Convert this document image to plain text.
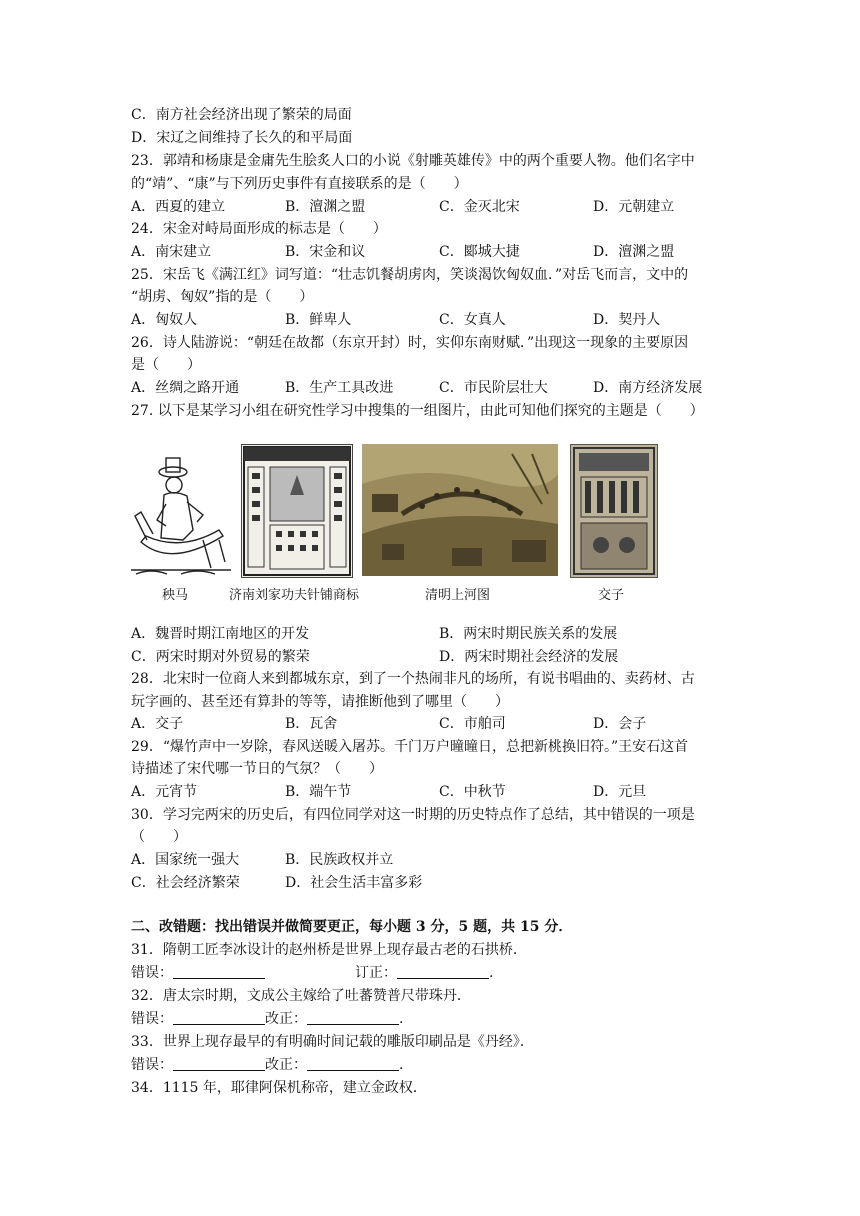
C．南方社会经济出现了繁荣的局面
D．宋辽之间维持了长久的和平局面
23．郭靖和杨康是金庸先生脍炙人口的小说《射雕英雄传》中的两个重要人物。他们名字中
的“靖”、“康”与下列历史事件有直接联系的是（　　）
A．西夏的建立	B．澶渊之盟	C．金灭北宋	D．元朝建立
24．宋金对峙局面形成的标志是（　　）
A．南宋建立	B．宋金和议	C．郾城大捷	D．澶渊之盟
25．宋岳飞《满江红》词写道：“壮志饥餐胡虏肉，笑谈渴饮匈奴血．”对岳飞而言，文中的
“胡虏、匈奴”指的是（　　）
A．匈奴人	B．鲜卑人	C．女真人	D．契丹人
26．诗人陆游说：“朝廷在故都（东京开封）时，实仰东南财赋．”出现这一现象的主要原因
是（　　）
A．丝绸之路开通	B．生产工具改进	C．市民阶层壮大	D．南方经济发展
27. 以下是某学习小组在研究性学习中搜集的一组图片，由此可知他们探究的主题是（　　）
秧马	济南刘家功夫针铺商标	清明上河图	交子
A．魏晋时期江南地区的开发	B．两宋时期民族关系的发展
C．两宋时期对外贸易的繁荣	D．两宋时期社会经济的发展
28．北宋时一位商人来到都城东京，到了一个热闹非凡的场所，有说书唱曲的、卖药材、古
玩字画的、甚至还有算卦的等等，请推断他到了哪里（　　）
A．交子	B．瓦舍	C．市舶司	D．会子
29．“爆竹声中一岁除，春风送暖入屠苏。千门万户曈曈日，总把新桃换旧符。”王安石这首
诗描述了宋代哪一节日的气氛？（　　）
A．元宵节	B．端午节	C．中秋节	D．元旦
30．学习完两宋的历史后，有四位同学对这一时期的历史特点作了总结，其中错误的一项是
（　　）
A．国家统一强大	B．民族政权并立
C．社会经济繁荣	D．社会生活丰富多彩
二、改错题：找出错误并做简要更正，每小题 3 分，5 题，共 15 分．
31．隋朝工匠李冰设计的赵州桥是世界上现存最古老的石拱桥．
错误：	订正：	.
32．唐太宗时期，文成公主嫁给了吐蕃赞普尺带珠丹．
错误：	改正：	.
33．世界上现存最早的有明确时间记载的雕版印刷品是《丹经》．
错误：	改正：	.
34．1115 年，耶律阿保机称帝，建立金政权．
